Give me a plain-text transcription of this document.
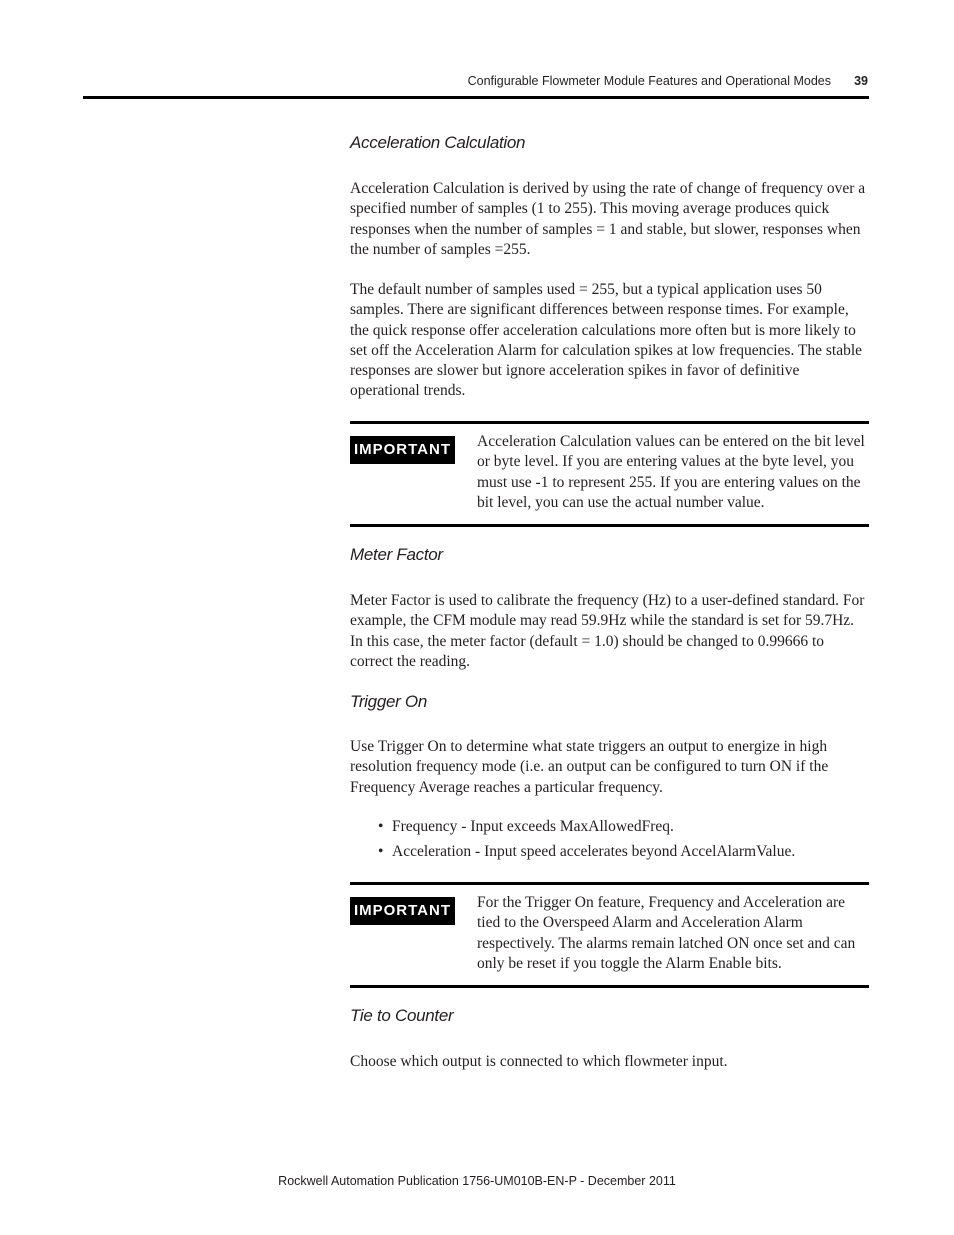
Configurable Flowmeter Module Features and Operational Modes	39
Acceleration Calculation

Acceleration Calculation is derived by using the rate of change of frequency over a specified number of samples (1 to 255). This moving average produces quick responses when the number of samples = 1 and stable, but slower, responses when the number of samples =255.

The default number of samples used = 255, but a typical application uses 50 samples. There are significant differences between response times. For example, the quick response offer acceleration calculations more often but is more likely to set off the Acceleration Alarm for calculation spikes at low frequencies. The stable responses are slower but ignore acceleration spikes in favor of definitive operational trends.

IMPORTANT Acceleration Calculation values can be entered on the bit level or byte level. If you are entering values at the byte level, you must use -1 to represent 255. If you are entering values on the bit level, you can use the actual number value.

Meter Factor

Meter Factor is used to calibrate the frequency (Hz) to a user-defined standard. For example, the CFM module may read 59.9Hz while the standard is set for 59.7Hz. In this case, the meter factor (default = 1.0) should be changed to 0.99666 to correct the reading.

Trigger On

Use Trigger On to determine what state triggers an output to energize in high resolution frequency mode (i.e. an output can be configured to turn ON if the Frequency Average reaches a particular frequency.

• Frequency - Input exceeds MaxAllowedFreq.
• Acceleration - Input speed accelerates beyond AccelAlarmValue.
IMPORTANT For the Trigger On feature, Frequency and Acceleration are tied to the Overspeed Alarm and Acceleration Alarm respectively. The alarms remain latched ON once set and can only be reset if you toggle the Alarm Enable bits.

Tie to Counter

Choose which output is connected to which flowmeter input.

Rockwell Automation Publication 1756-UM010B-EN-P - December 2011
